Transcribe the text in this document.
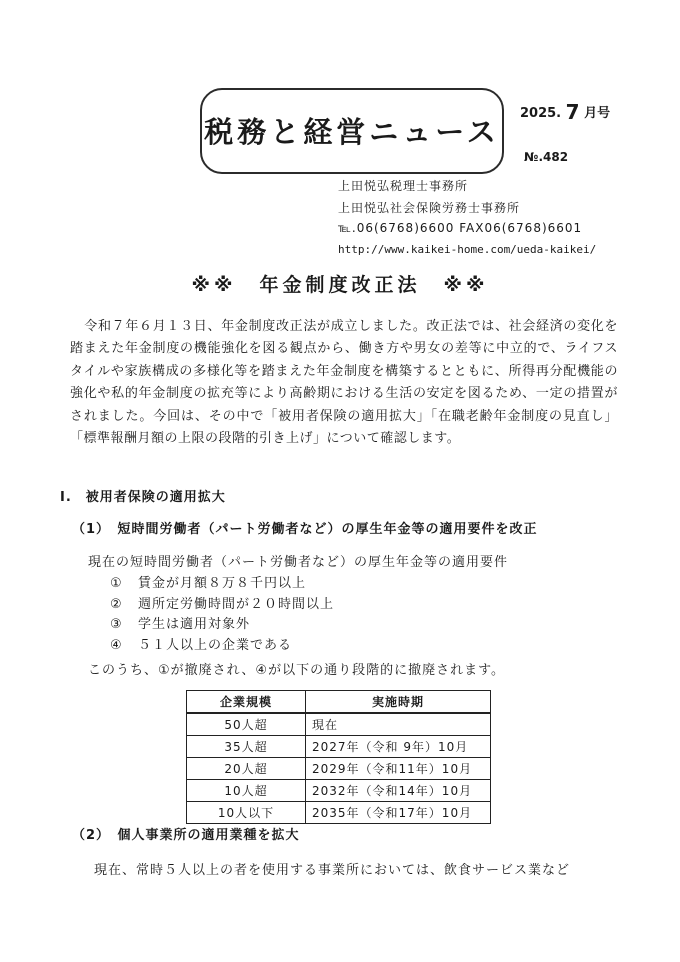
税務と経営ニュース
2025. 7 月号
№.482
上田悦弘税理士事務所
上田悦弘社会保険労務士事務所
℡.06(6768)6600 FAX06(6768)6601
http://www.kaikei-home.com/ueda-kaikei/
※※　年金制度改正法　※※

令和７年６月１３日、年金制度改正法が成立しました。改正法では、社会経済の変化を踏まえた年金制度の機能強化を図る観点から、働き方や男女の差等に中立的で、ライフスタイルや家族構成の多様化等を踏まえた年金制度を構築するとともに、所得再分配機能の強化や私的年金制度の拡充等により高齢期における生活の安定を図るため、一定の措置がされました。今回は、その中で「被用者保険の適用拡大」「在職老齢年金制度の見直し」「標準報酬月額の上限の段階的引き上げ」について確認します。

Ⅰ.　被用者保険の適用拡大
（1）　短時間労働者（パート労働者など）の厚生年金等の適用要件を改正
現在の短時間労働者（パート労働者など）の厚生年金等の適用要件
① 賃金が月額８万８千円以上
② 週所定労働時間が２０時間以上
③ 学生は適用対象外
④ ５１人以上の企業である
このうち、①が撤廃され、④が以下の通り段階的に撤廃されます。
企業規模	実施時期
50人超	現在
35人超	2027年（令和 9年）10月
20人超	2029年（令和11年）10月
10人超	2032年（令和14年）10月
10人以下	2035年（令和17年）10月
（2）　個人事業所の適用業種を拡大
現在、常時５人以上の者を使用する事業所においては、飲食サービス業など
